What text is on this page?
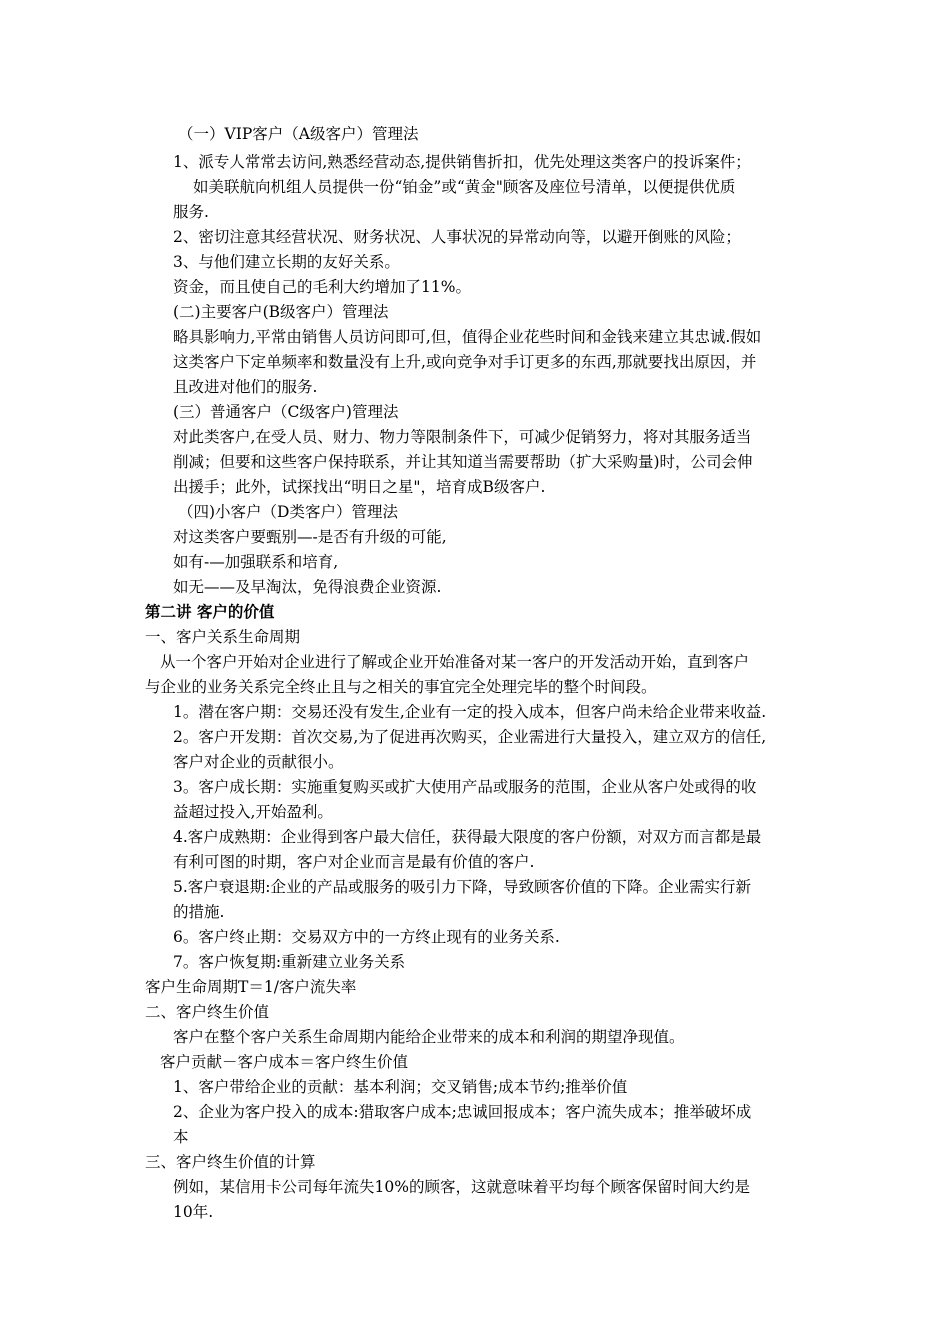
（一）VIP客户（A级客户）管理法
1、派专人常常去访问,熟悉经营动态,提供销售折扣，优先处理这类客户的投诉案件；
如美联航向机组人员提供一份“铂金”或“黄金"顾客及座位号清单，以便提供优质
服务.
2、密切注意其经营状况、财务状况、人事状况的异常动向等，以避开倒账的风险；
3、与他们建立长期的友好关系。
资金，而且使自己的毛利大约增加了11%。
(二)主要客户(B级客户）管理法
略具影响力,平常由销售人员访问即可,但，值得企业花些时间和金钱来建立其忠诚.假如
这类客户下定单频率和数量没有上升,或向竞争对手订更多的东西,那就要找出原因，并
且改进对他们的服务.
(三）普通客户（C级客户)管理法
对此类客户,在受人员、财力、物力等限制条件下，可减少促销努力，将对其服务适当
削减；但要和这些客户保持联系，并让其知道当需要帮助（扩大采购量)时，公司会伸
出援手；此外，试探找出“明日之星"，培育成B级客户.
（四)小客户（D类客户）管理法
对这类客户要甄别—-是否有升级的可能,
如有-—加强联系和培育,
如无——及早淘汰，免得浪费企业资源.
第二讲 客户的价值
一、客户关系生命周期
从一个客户开始对企业进行了解或企业开始准备对某一客户的开发活动开始，直到客户
与企业的业务关系完全终止且与之相关的事宜完全处理完毕的整个时间段。
1。潜在客户期：交易还没有发生,企业有一定的投入成本，但客户尚未给企业带来收益.
2。客户开发期：首次交易,为了促进再次购买，企业需进行大量投入，建立双方的信任,
客户对企业的贡献很小。
3。客户成长期：实施重复购买或扩大使用产品或服务的范围，企业从客户处或得的收
益超过投入,开始盈利。
4.客户成熟期：企业得到客户最大信任，获得最大限度的客户份额，对双方而言都是最
有利可图的时期，客户对企业而言是最有价值的客户.
5.客户衰退期:企业的产品或服务的吸引力下降，导致顾客价值的下降。企业需实行新
的措施.
6。客户终止期：交易双方中的一方终止现有的业务关系.
7。客户恢复期:重新建立业务关系
客户生命周期T＝1/客户流失率
二、客户终生价值
客户在整个客户关系生命周期内能给企业带来的成本和利润的期望净现值。
客户贡献－客户成本＝客户终生价值
1、客户带给企业的贡献：基本利润；交叉销售;成本节约;推举价值
2、企业为客户投入的成本:猎取客户成本;忠诚回报成本；客户流失成本；推举破坏成
本
三、客户终生价值的计算
例如，某信用卡公司每年流失10%的顾客，这就意味着平均每个顾客保留时间大约是
10年.
